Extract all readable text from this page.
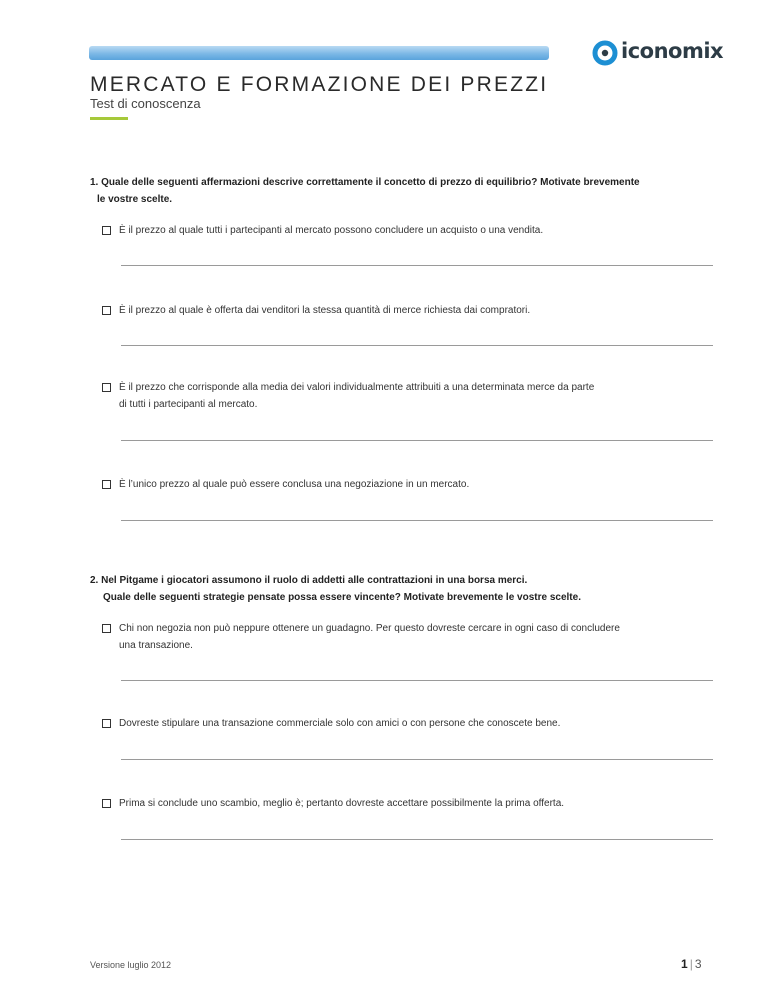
iconomix
MERCATO E FORMAZIONE DEI PREZZI
Test di conoscenza
1. Quale delle seguenti affermazioni descrive correttamente il concetto di prezzo di equilibrio? Motivate brevemente
le vostre scelte.
È il prezzo al quale tutti i partecipanti al mercato possono concludere un acquisto o una vendita.
È il prezzo al quale è offerta dai venditori la stessa quantità di merce richiesta dai compratori.
È il prezzo che corrisponde alla media dei valori individualmente attribuiti a una determinata merce da parte
di tutti i partecipanti al mercato.
È l’unico prezzo al quale può essere conclusa una negoziazione in un mercato.
2. Nel Pitgame i giocatori assumono il ruolo di addetti alle contrattazioni in una borsa merci.
Quale delle seguenti strategie pensate possa essere vincente? Motivate brevemente le vostre scelte.
Chi non negozia non può neppure ottenere un guadagno. Per questo dovreste cercare in ogni caso di concludere
una transazione.
Dovreste stipulare una transazione commerciale solo con amici o con persone che conoscete bene.
Prima si conclude uno scambio, meglio è; pertanto dovreste accettare possibilmente la prima offerta.
Versione luglio 2012	1 | 3
